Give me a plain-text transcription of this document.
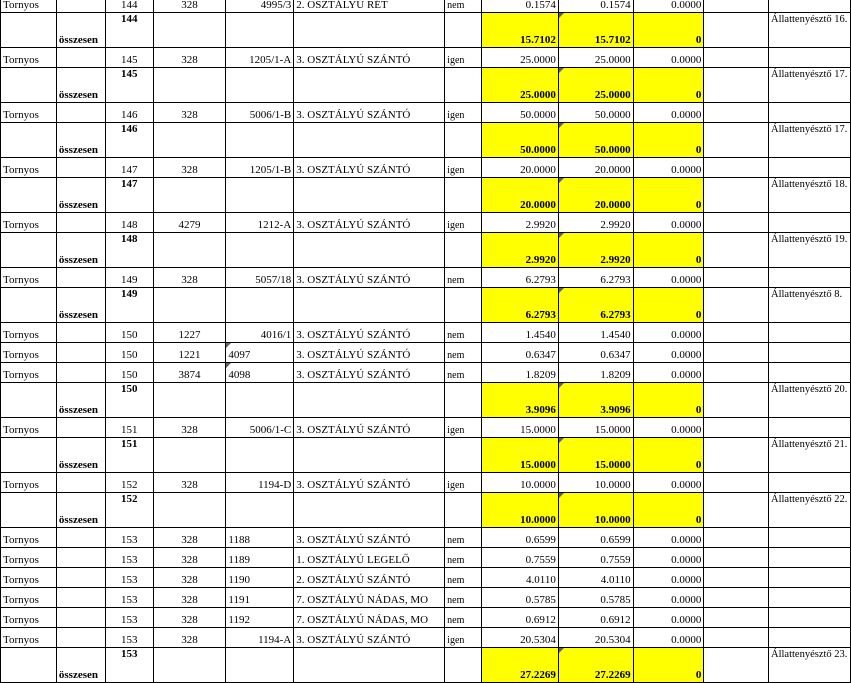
Tornyos		144	328	4995/3	2. OSZTÁLYÚ RÉT	nem	0.1574	0.1574	0.0000		
	összesen	144					15.7102	15.7102	0		Állattenyésztő 16.
Tornyos		145	328	1205/1-A	3. OSZTÁLYÚ SZÁNTÓ	igen	25.0000	25.0000	0.0000		
	összesen	145					25.0000	25.0000	0		Állattenyésztő 17.
Tornyos		146	328	5006/1-B	3. OSZTÁLYÚ SZÁNTÓ	igen	50.0000	50.0000	0.0000		
	összesen	146					50.0000	50.0000	0		Állattenyésztő 17.
Tornyos		147	328	1205/1-B	3. OSZTÁLYÚ SZÁNTÓ	igen	20.0000	20.0000	0.0000		
	összesen	147					20.0000	20.0000	0		Állattenyésztő 18.
Tornyos		148	4279	1212-A	3. OSZTÁLYÚ SZÁNTÓ	igen	2.9920	2.9920	0.0000		
	összesen	148					2.9920	2.9920	0		Állattenyésztő 19.
Tornyos		149	328	5057/18	3. OSZTÁLYÚ SZÁNTÓ	nem	6.2793	6.2793	0.0000		
	összesen	149					6.2793	6.2793	0		Állattenyésztő 8.
Tornyos		150	1227	4016/1	3. OSZTÁLYÚ SZÁNTÓ	nem	1.4540	1.4540	0.0000		
Tornyos		150	1221	4097	3. OSZTÁLYÚ SZÁNTÓ	nem	0.6347	0.6347	0.0000		
Tornyos		150	3874	4098	3. OSZTÁLYÚ SZÁNTÓ	nem	1.8209	1.8209	0.0000		
	összesen	150					3.9096	3.9096	0		Állattenyésztő 20.
Tornyos		151	328	5006/1-C	3. OSZTÁLYÚ SZÁNTÓ	igen	15.0000	15.0000	0.0000		
	összesen	151					15.0000	15.0000	0		Állattenyésztő 21.
Tornyos		152	328	1194-D	3. OSZTÁLYÚ SZÁNTÓ	igen	10.0000	10.0000	0.0000		
	összesen	152					10.0000	10.0000	0		Állattenyésztő 22.
Tornyos		153	328	1188	3. OSZTÁLYÚ SZÁNTÓ	nem	0.6599	0.6599	0.0000		
Tornyos		153	328	1189	1. OSZTÁLYÚ LEGELŐ	nem	0.7559	0.7559	0.0000		
Tornyos		153	328	1190	2. OSZTÁLYÚ SZÁNTÓ	nem	4.0110	4.0110	0.0000		
Tornyos		153	328	1191	7. OSZTÁLYÚ NÁDAS, MO	nem	0.5785	0.5785	0.0000		
Tornyos		153	328	1192	7. OSZTÁLYÚ NÁDAS, MO	nem	0.6912	0.6912	0.0000		
Tornyos		153	328	1194-A	3. OSZTÁLYÚ SZÁNTÓ	igen	20.5304	20.5304	0.0000		
	összesen	153					27.2269	27.2269	0		Állattenyésztő 23.
